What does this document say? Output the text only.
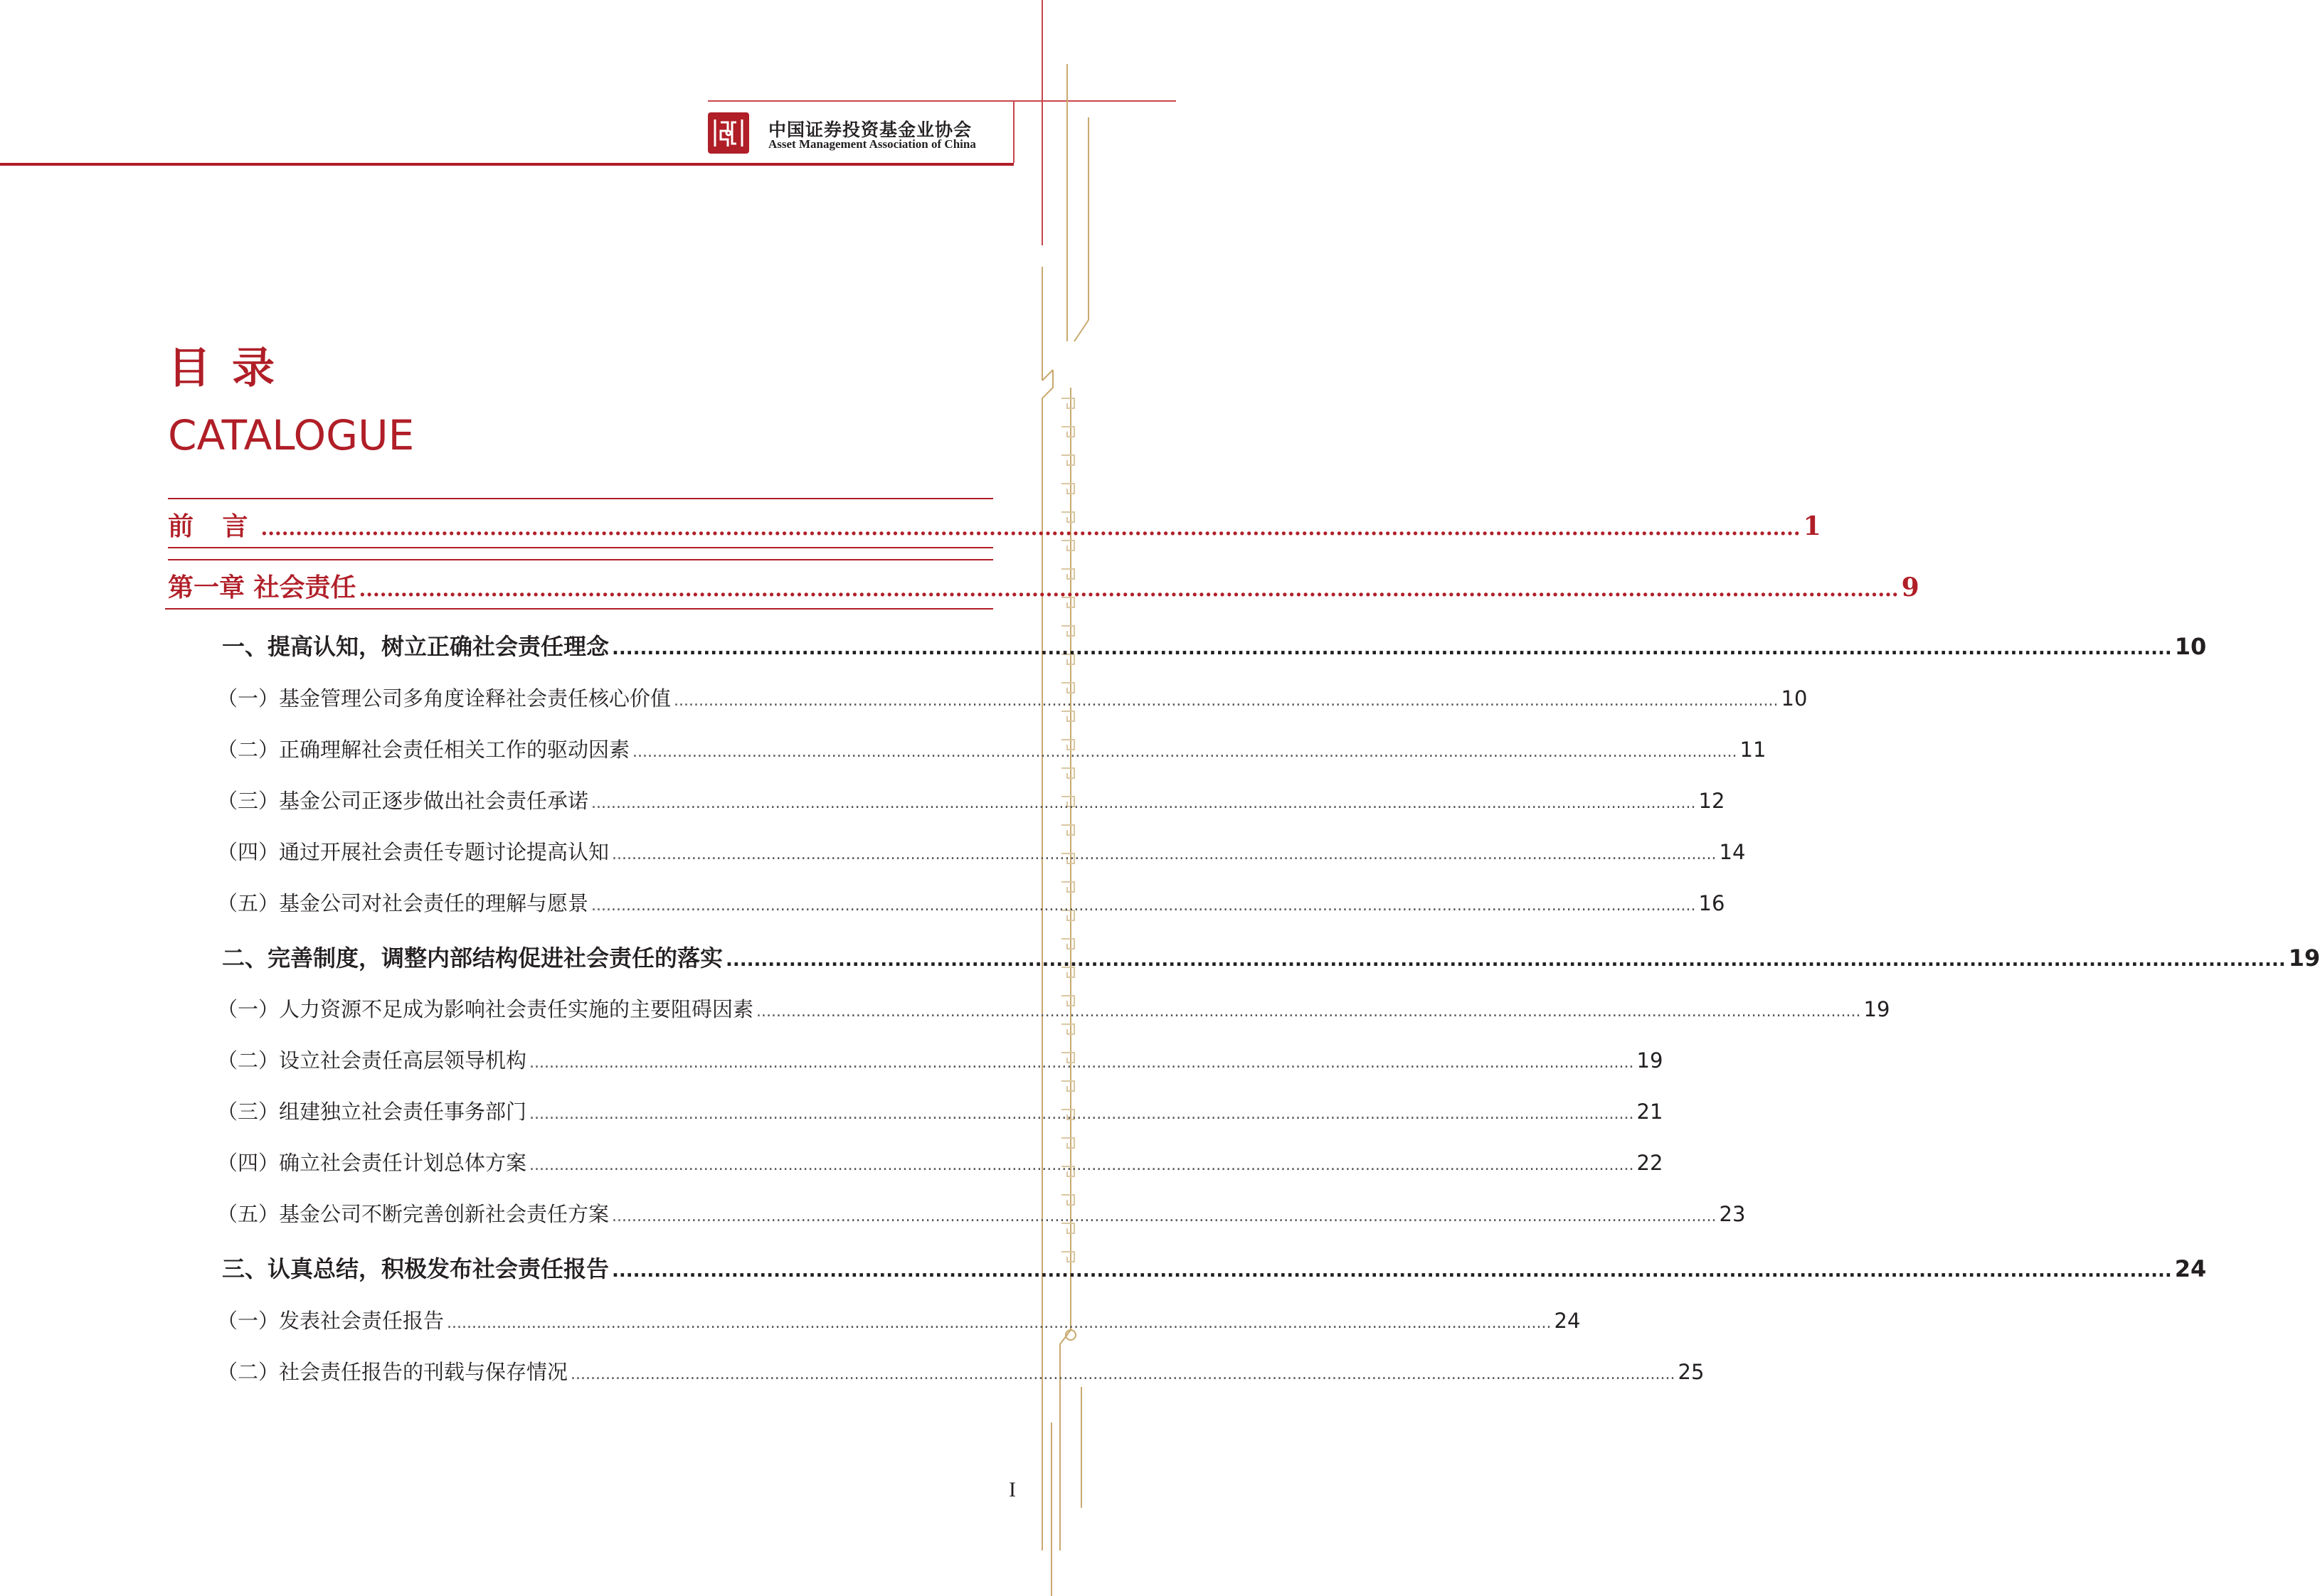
中国证券投资基金业协会
Asset Management Association of China
目录
CATALOGUE
前 言 .............................................................................................................................................................................................................................. 1
第一章 社会责任 .............................................................................................................................................................................................................................. 9
一、提高认知，树立正确社会责任理念 .............................................................................................................................................................................................................................. 10
（一）基金管理公司多角度诠释社会责任核心价值 .............................................................................................................................................................................................................................. 10
（二）正确理解社会责任相关工作的驱动因素 .............................................................................................................................................................................................................................. 11
（三）基金公司正逐步做出社会责任承诺 .............................................................................................................................................................................................................................. 12
（四）通过开展社会责任专题讨论提高认知 .............................................................................................................................................................................................................................. 14
（五）基金公司对社会责任的理解与愿景 .............................................................................................................................................................................................................................. 16
二、完善制度，调整内部结构促进社会责任的落实 .............................................................................................................................................................................................................................. 19
（一）人力资源不足成为影响社会责任实施的主要阻碍因素 .............................................................................................................................................................................................................................. 19
（二）设立社会责任高层领导机构 .............................................................................................................................................................................................................................. 19
（三）组建独立社会责任事务部门 .............................................................................................................................................................................................................................. 21
（四）确立社会责任计划总体方案 .............................................................................................................................................................................................................................. 22
（五）基金公司不断完善创新社会责任方案 .............................................................................................................................................................................................................................. 23
三、认真总结，积极发布社会责任报告 .............................................................................................................................................................................................................................. 24
（一）发表社会责任报告 .............................................................................................................................................................................................................................. 24
（二）社会责任报告的刊载与保存情况 .............................................................................................................................................................................................................................. 25
I
